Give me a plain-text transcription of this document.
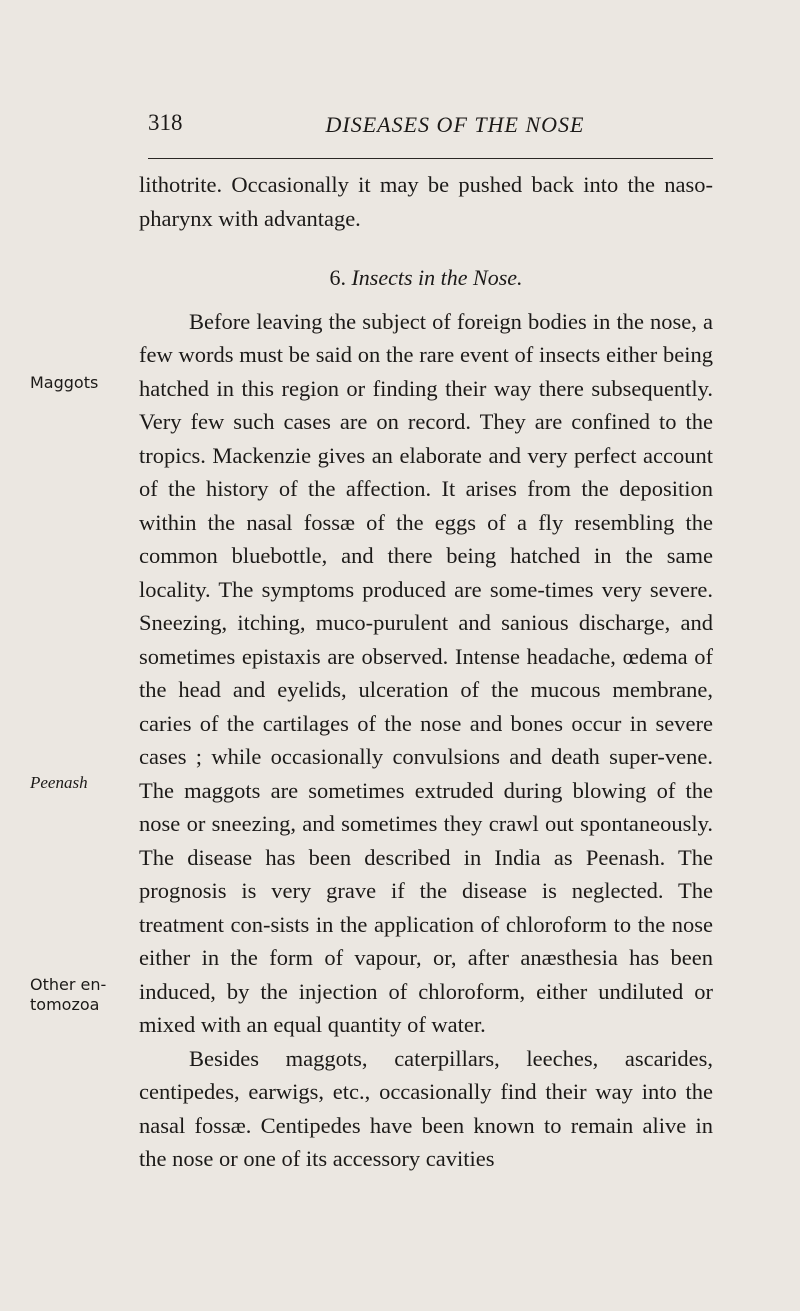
318	DISEASES OF THE NOSE

lithotrite. Occasionally it may be pushed back into the naso-pharynx with advantage.

6. Insects in the Nose.

Before leaving the subject of foreign bodies in the nose, a few words must be said on the rare event of insects either being hatched in this region or finding their way there subsequently. Very few such cases are on record. They are confined to the tropics. Mackenzie gives an elaborate and very perfect account of the history of the affection. It arises from the deposition within the nasal fossæ of the eggs of a fly resembling the common bluebottle, and there being hatched in the same locality. The symptoms produced are some-times very severe. Sneezing, itching, muco-purulent and sanious discharge, and sometimes epistaxis are observed. Intense headache, œdema of the head and eyelids, ulceration of the mucous membrane, caries of the cartilages of the nose and bones occur in severe cases ; while occasionally convulsions and death super-vene. The maggots are sometimes extruded during blowing of the nose or sneezing, and sometimes they crawl out spontaneously. The disease has been described in India as Peenash. The prognosis is very grave if the disease is neglected. The treatment con-sists in the application of chloroform to the nose either in the form of vapour, or, after anæsthesia has been induced, by the injection of chloroform, either undiluted or mixed with an equal quantity of water.

Besides maggots, caterpillars, leeches, ascarides, centipedes, earwigs, etc., occasionally find their way into the nasal fossæ. Centipedes have been known to remain alive in the nose or one of its accessory cavities

Maggots
Peenash
Other en-tomozoa
